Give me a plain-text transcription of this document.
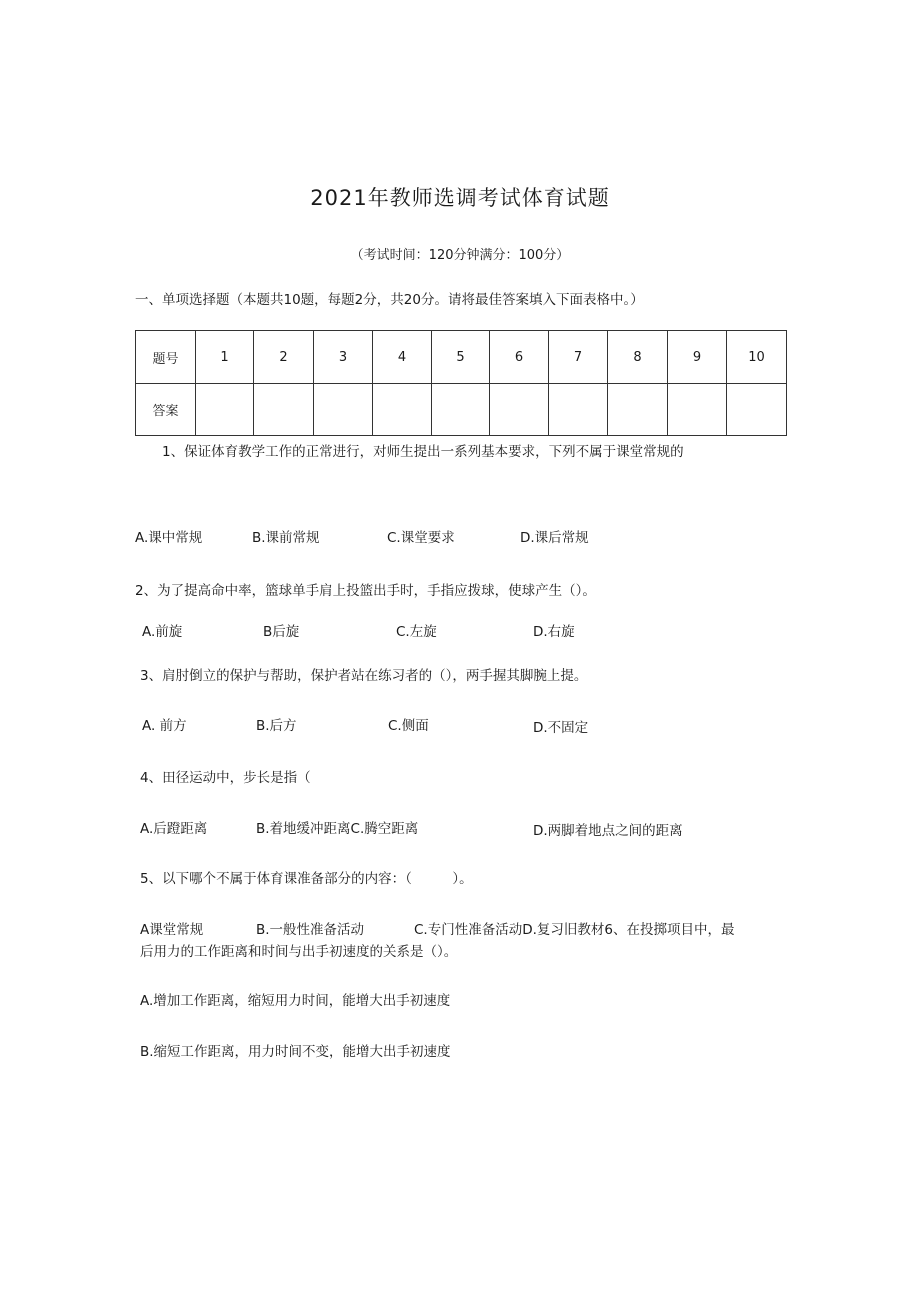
2021年教师选调考试体育试题
（考试时间：120分钟满分：100分）
一、单项选择题（本题共10题，每题2分，共20分。请将最佳答案填入下面表格中。）
题号	1	2	3	4	5	6	7	8	9	10
答案										
1、保证体育教学工作的正常进行，对师生提出一系列基本要求，下列不属于课堂常规的
A.课中常规	B.课前常规	C.课堂要求	D.课后常规
2、为了提高命中率，篮球单手肩上投篮出手时，手指应拨球，使球产生（）。
A.前旋	B后旋	C.左旋	D.右旋
3、肩肘倒立的保护与帮助，保护者站在练习者的（），两手握其脚腕上提。
A. 前方	B.后方	C.侧面	D.不固定
4、田径运动中，步长是指（
A.后蹬距离	B.着地缓冲距离C.腾空距离	D.两脚着地点之间的距离
5、以下哪个不属于体育课准备部分的内容：（　　　）。
A课堂常规	B.一般性准备活动	C.专门性准备活动D.复习旧教材6、在投掷项目中，最
后用力的工作距离和时间与出手初速度的关系是（）。
A.增加工作距离，缩短用力时间，能增大出手初速度
B.缩短工作距离，用力时间不变，能增大出手初速度
